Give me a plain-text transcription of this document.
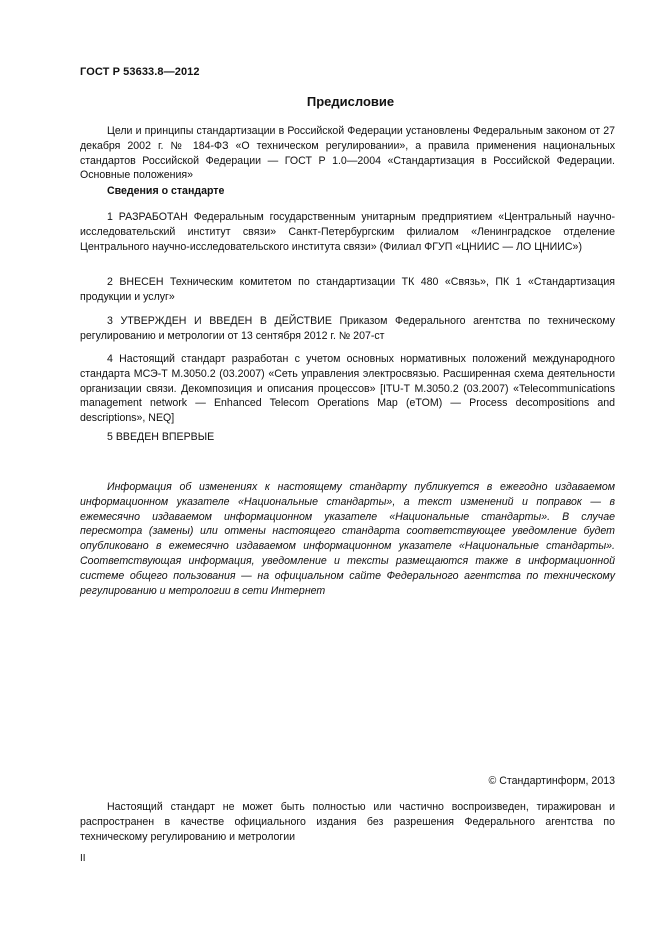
ГОСТ Р 53633.8—2012
Предисловие

Цели и принципы стандартизации в Российской Федерации установлены Федеральным законом от 27 декабря 2002 г. № 184-ФЗ «О техническом регулировании», а правила применения национальных стандартов Российской Федерации — ГОСТ Р 1.0—2004 «Стандартизация в Российской Федерации. Основные положения»

Сведения о стандарте

1 РАЗРАБОТАН Федеральным государственным унитарным предприятием «Центральный научно-исследовательский институт связи» Санкт-Петербургским филиалом «Ленинградское отделение Центрального научно-исследовательского института связи» (Филиал ФГУП «ЦНИИС — ЛО ЦНИИС»)

2 ВНЕСЕН Техническим комитетом по стандартизации ТК 480 «Связь», ПК 1 «Стандартизация продукции и услуг»

3 УТВЕРЖДЕН И ВВЕДЕН В ДЕЙСТВИЕ Приказом Федерального агентства по техническому регулированию и метрологии от 13 сентября 2012 г. № 207-ст

4 Настоящий стандарт разработан с учетом основных нормативных положений международного стандарта МСЭ-Т М.3050.2 (03.2007) «Сеть управления электросвязью. Расширенная схема деятельности организации связи. Декомпозиция и описания процессов» [ITU-T M.3050.2 (03.2007) «Telecommunications management network — Enhanced Telecom Operations Map (eTOM) — Process decompositions and descriptions», NEQ]

5 ВВЕДЕН ВПЕРВЫЕ

Информация об изменениях к настоящему стандарту публикуется в ежегодно издаваемом информационном указателе «Национальные стандарты», а текст изменений и поправок — в ежемесячно издаваемом информационном указателе «Национальные стандарты». В случае пересмотра (замены) или отмены настоящего стандарта соответствующее уведомление будет опубликовано в ежемесячно издаваемом информационном указателе «Национальные стандарты». Соответствующая информация, уведомление и тексты размещаются также в информационной системе общего пользования — на официальном сайте Федерального агентства по техническому регулированию и метрологии в сети Интернет

© Стандартинформ, 2013

Настоящий стандарт не может быть полностью или частично воспроизведен, тиражирован и распространен в качестве официального издания без разрешения Федерального агентства по техническому регулированию и метрологии

II
